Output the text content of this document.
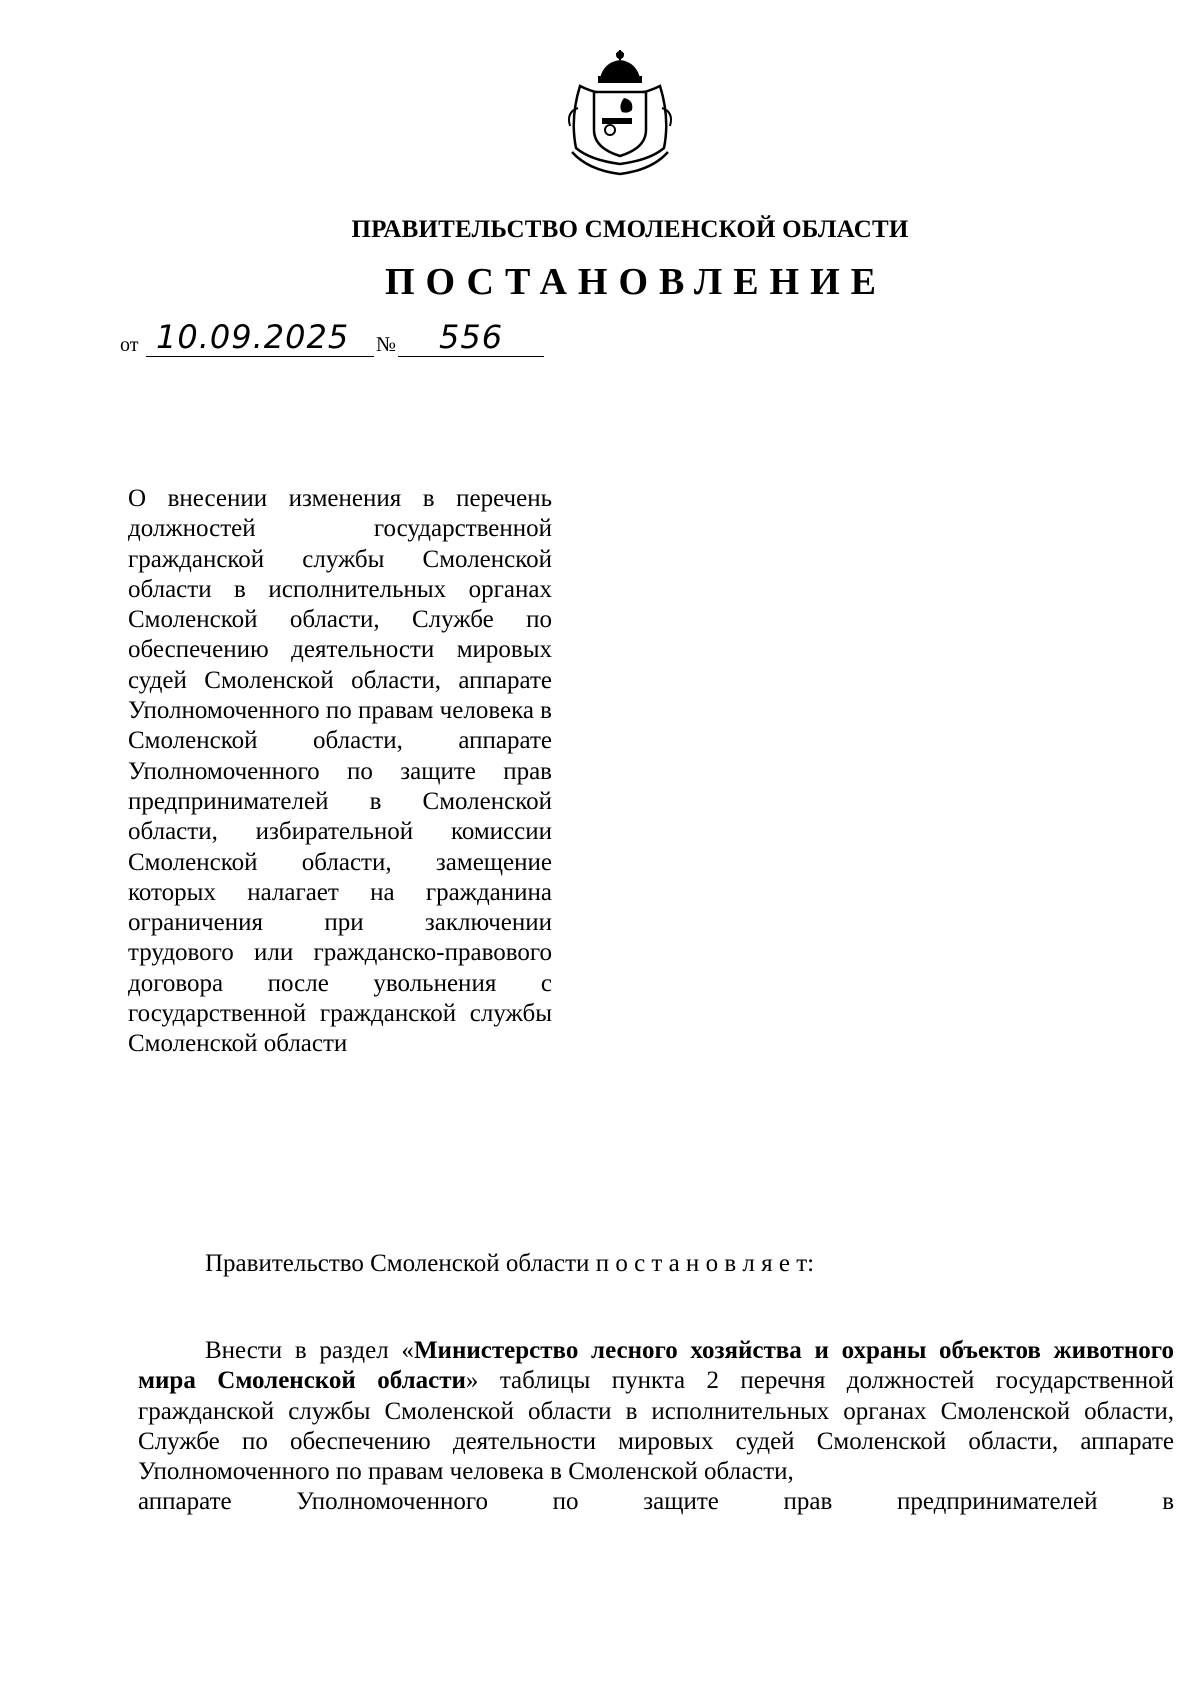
ПРАВИТЕЛЬСТВО СМОЛЕНСКОЙ ОБЛАСТИ
ПОСТАНОВЛЕНИЕ
от 10.09.2025	556
№
О внесении изменения в перечень должностей государственной гражданской службы Смоленской области в исполнительных органах Смоленской области, Службе по обеспечению деятельности мировых судей Смоленской области, аппарате Уполномоченного по правам человека в Смоленской области, аппарате Уполномоченного по защите прав предпринимателей в Смоленской области, избирательной комиссии Смоленской области, замещение которых налагает на гражданина ограничения при заключении трудового или гражданско-правового договора после увольнения с государственной гражданской службы Смоленской области
Правительство Смоленской области п о с т а н о в л я е т:
Внести в раздел «Министерство лесного хозяйства и охраны объектов животного мира Смоленской области» таблицы пункта 2 перечня должностей государственной гражданской службы Смоленской области в исполнительных органах Смоленской области, Службе по обеспечению деятельности мировых судей Смоленской области, аппарате Уполномоченного по правам человека в Смоленской области,
аппарате Уполномоченного по защите прав предпринимателей в
